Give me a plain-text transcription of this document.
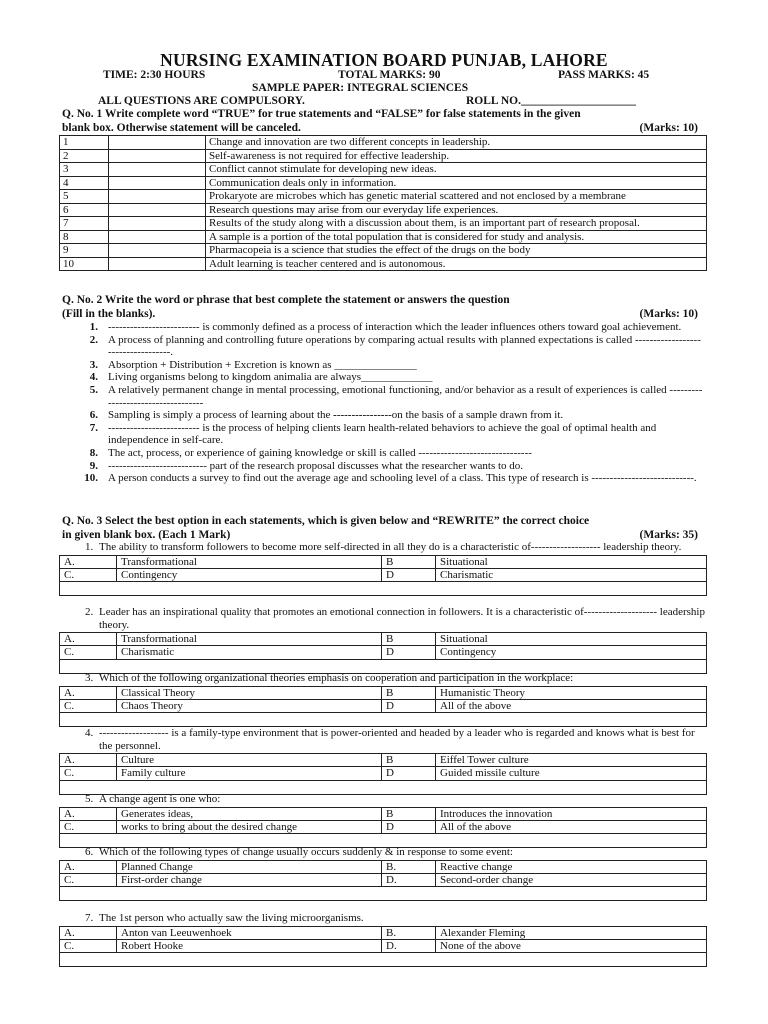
NURSING EXAMINATION BOARD PUNJAB, LAHORE
TIME: 2:30 HOURS	TOTAL MARKS: 90	PASS MARKS: 45
SAMPLE PAPER: INTEGRAL SCIENCES
ALL QUESTIONS ARE COMPULSORY.	ROLL NO.____________________
Q. No. 1 Write complete word “TRUE” for true statements and “FALSE” for false statements in the given
blank box. Otherwise statement will be canceled.	(Marks: 10)
1		Change and innovation are two different concepts in leadership.
2		Self-awareness is not required for effective leadership.
3		Conflict cannot stimulate for developing new ideas.
4		Communication deals only in information.
5		Prokaryote are microbes which has genetic material scattered and not enclosed by a membrane
6		Research questions may arise from our everyday life experiences.
7		Results of the study along with a discussion about them, is an important part of research proposal.
8		A sample is a portion of the total population that is considered for study and analysis.
9		Pharmacopeia is a science that studies the effect of the drugs on the body
10		Adult learning is teacher centered and is autonomous.
Q. No. 2 Write the word or phrase that best complete the statement or answers the question
(Fill in the blanks).	(Marks: 10)
1. ------------------------- is commonly defined as a process of interaction which the leader influences others toward goal achievement.
2. A process of planning and controlling future operations by comparing actual results with planned expectations is called -----------------------------------.
3. Absorption + Distribution + Excretion is known as _______________
4. Living organisms belong to kingdom animalia are always_____________
5. A relatively permanent change in mental processing, emotional functioning, and/or behavior as a result of experiences is called -----------------------------------
6. Sampling is simply a process of learning about the ----------------on the basis of a sample drawn from it.
7. ------------------------- is the process of helping clients learn health-related behaviors to achieve the goal of optimal health and independence in self-care.
8. The act, process, or experience of gaining knowledge or skill is called -------------------------------
9. --------------------------- part of the research proposal discusses what the researcher wants to do.
10. A person conducts a survey to find out the average age and schooling level of a class. This type of research is ----------------------------.
Q. No. 3 Select the best option in each statements, which is given below and “REWRITE” the correct choice
in given blank box. (Each 1 Mark)	(Marks: 35)
1. The ability to transform followers to become more self-directed in all they do is a characteristic of------------------- leadership theory.
A.	Transformational	B	Situational
C.	Contingency	D	Charismatic
2. Leader has an inspirational quality that promotes an emotional connection in followers. It is a characteristic of-------------------- leadership theory.
A.	Transformational	B	Situational
C.	Charismatic	D	Contingency
3. Which of the following organizational theories emphasis on cooperation and participation in the workplace:
A.	Classical Theory	B	Humanistic Theory
C.	Chaos Theory	D	All of the above
4. ------------------- is a family-type environment that is power-oriented and headed by a leader who is regarded and knows what is best for the personnel.
A.	Culture	B	Eiffel Tower culture
C.	Family culture	D	Guided missile culture
5. A change agent is one who:
A.	Generates ideas,	B	Introduces the innovation
C.	works to bring about the desired change	D	All of the above
6. Which of the following types of change usually occurs suddenly & in response to some event:
A.	Planned Change	B.	Reactive change
C.	First-order change	D.	Second-order change
7. The 1st person who actually saw the living microorganisms.
A.	Anton van Leeuwenhoek	B.	Alexander Fleming
C.	Robert Hooke	D.	None of the above
